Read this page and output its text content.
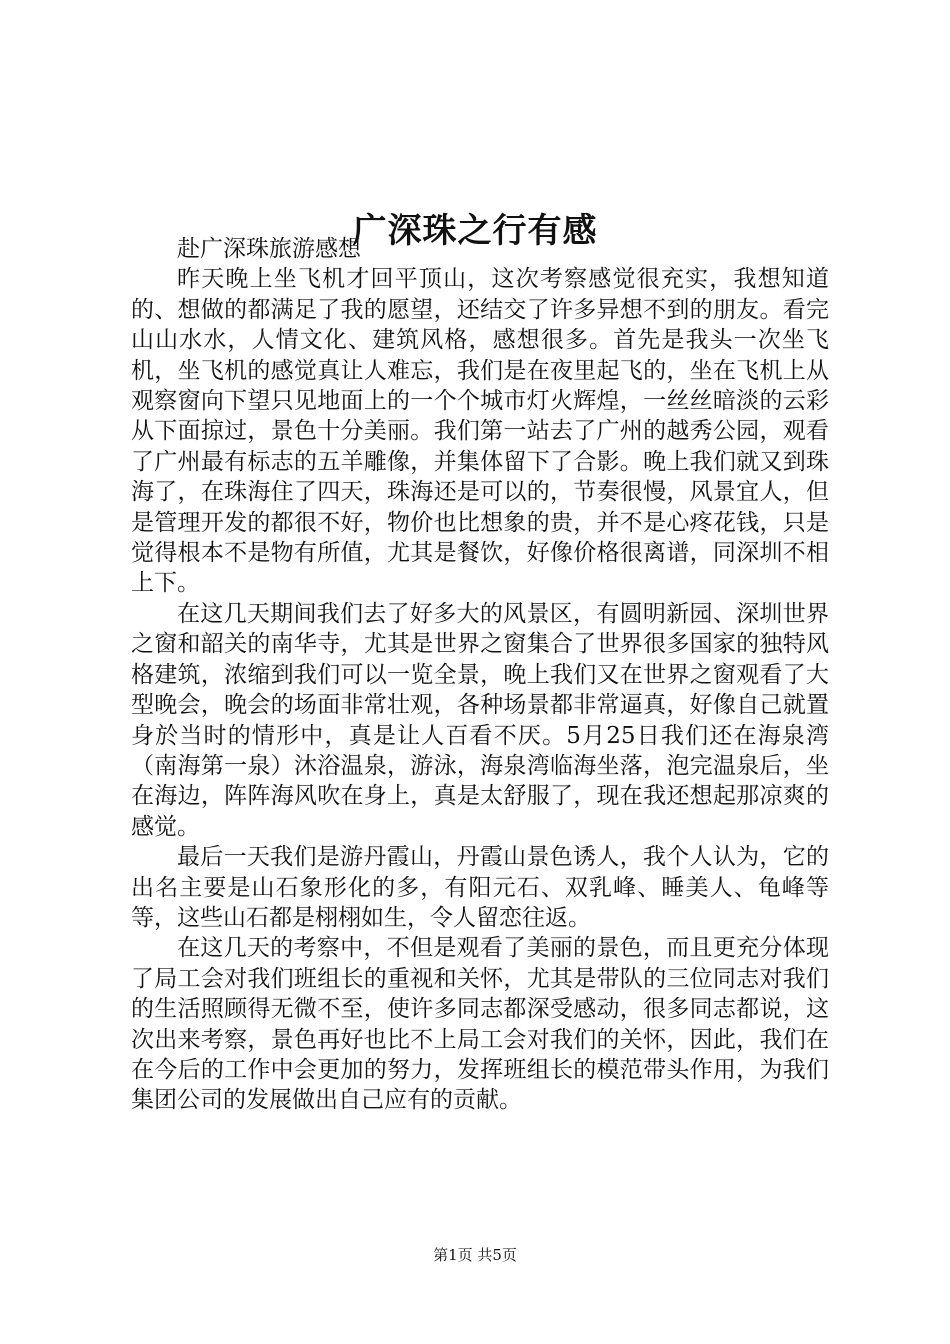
广深珠之行有感

赴广深珠旅游感想

昨天晚上坐飞机才回平顶山，这次考察感觉很充实，我想知道的、想做的都满足了我的愿望，还结交了许多异想不到的朋友。看完山山水水，人情文化、建筑风格，感想很多。首先是我头一次坐飞机，坐飞机的感觉真让人难忘，我们是在夜里起飞的，坐在飞机上从观察窗向下望只见地面上的一个个城市灯火辉煌，一丝丝暗淡的云彩从下面掠过，景色十分美丽。我们第一站去了广州的越秀公园，观看了广州最有标志的五羊雕像，并集体留下了合影。晚上我们就又到珠海了，在珠海住了四天，珠海还是可以的，节奏很慢，风景宜人，但是管理开发的都很不好，物价也比想象的贵，并不是心疼花钱，只是觉得根本不是物有所值，尤其是餐饮，好像价格很离谱，同深圳不相上下。

在这几天期间我们去了好多大的风景区，有圆明新园、深圳世界之窗和韶关的南华寺，尤其是世界之窗集合了世界很多国家的独特风格建筑，浓缩到我们可以一览全景，晚上我们又在世界之窗观看了大型晚会，晚会的场面非常壮观，各种场景都非常逼真，好像自己就置身於当时的情形中，真是让人百看不厌。5月25日我们还在海泉湾（南海第一泉）沐浴温泉，游泳，海泉湾临海坐落，泡完温泉后，坐在海边，阵阵海风吹在身上，真是太舒服了，现在我还想起那凉爽的感觉。

最后一天我们是游丹霞山，丹霞山景色诱人，我个人认为，它的出名主要是山石象形化的多，有阳元石、双乳峰、睡美人、龟峰等等，这些山石都是栩栩如生，令人留恋往返。

在这几天的考察中，不但是观看了美丽的景色，而且更充分体现了局工会对我们班组长的重视和关怀，尤其是带队的三位同志对我们的生活照顾得无微不至，使许多同志都深受感动，很多同志都说，这次出来考察，景色再好也比不上局工会对我们的关怀，因此，我们在在今后的工作中会更加的努力，发挥班组长的模范带头作用，为我们集团公司的发展做出自己应有的贡献。

第1页 共5页
